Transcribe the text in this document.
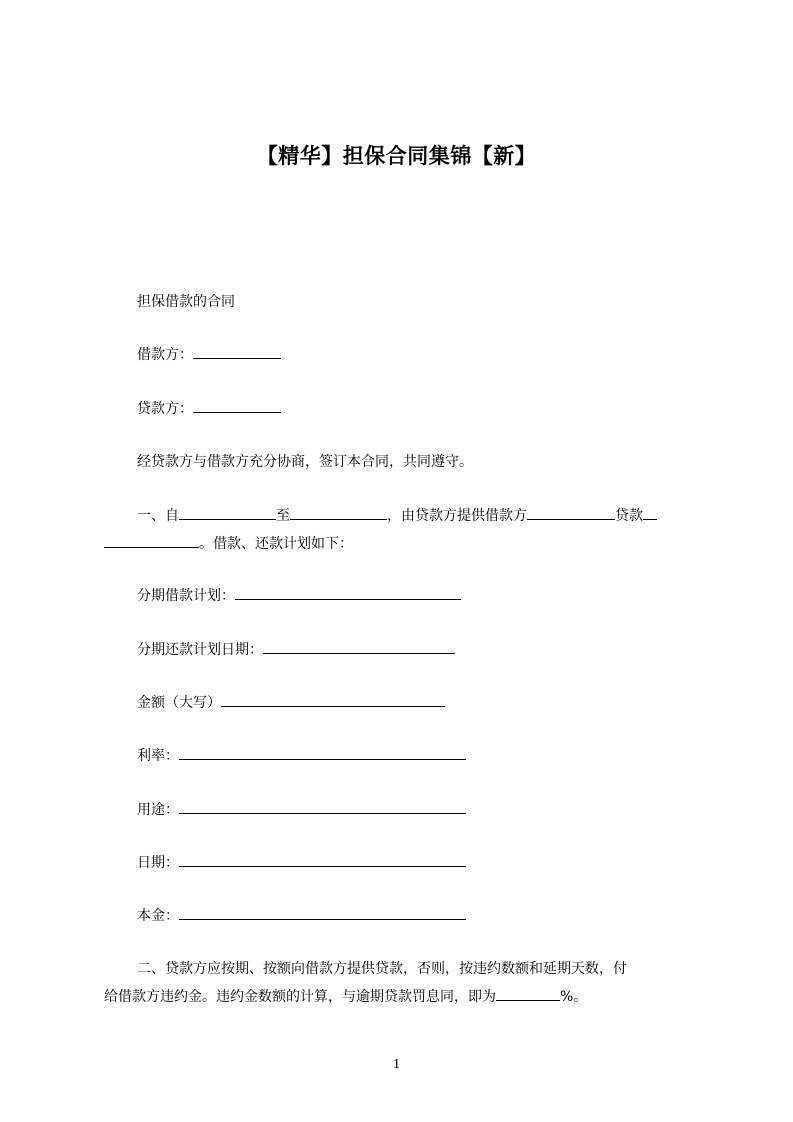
【精华】担保合同集锦【新】
担保借款的合同
借款方：
贷款方：
经贷款方与借款方充分协商，签订本合同，共同遵守。
一、自	至	，由贷款方提供借款方	贷款
。借款、还款计划如下：
分期借款计划：
分期还款计划日期：
金额（大写）
利率：
用途：
日期：
本金：
二、贷款方应按期、按额向借款方提供贷款，否则，按违约数额和延期天数，付
给借款方违约金。违约金数额的计算，与逾期贷款罚息同，即为	%。
1
